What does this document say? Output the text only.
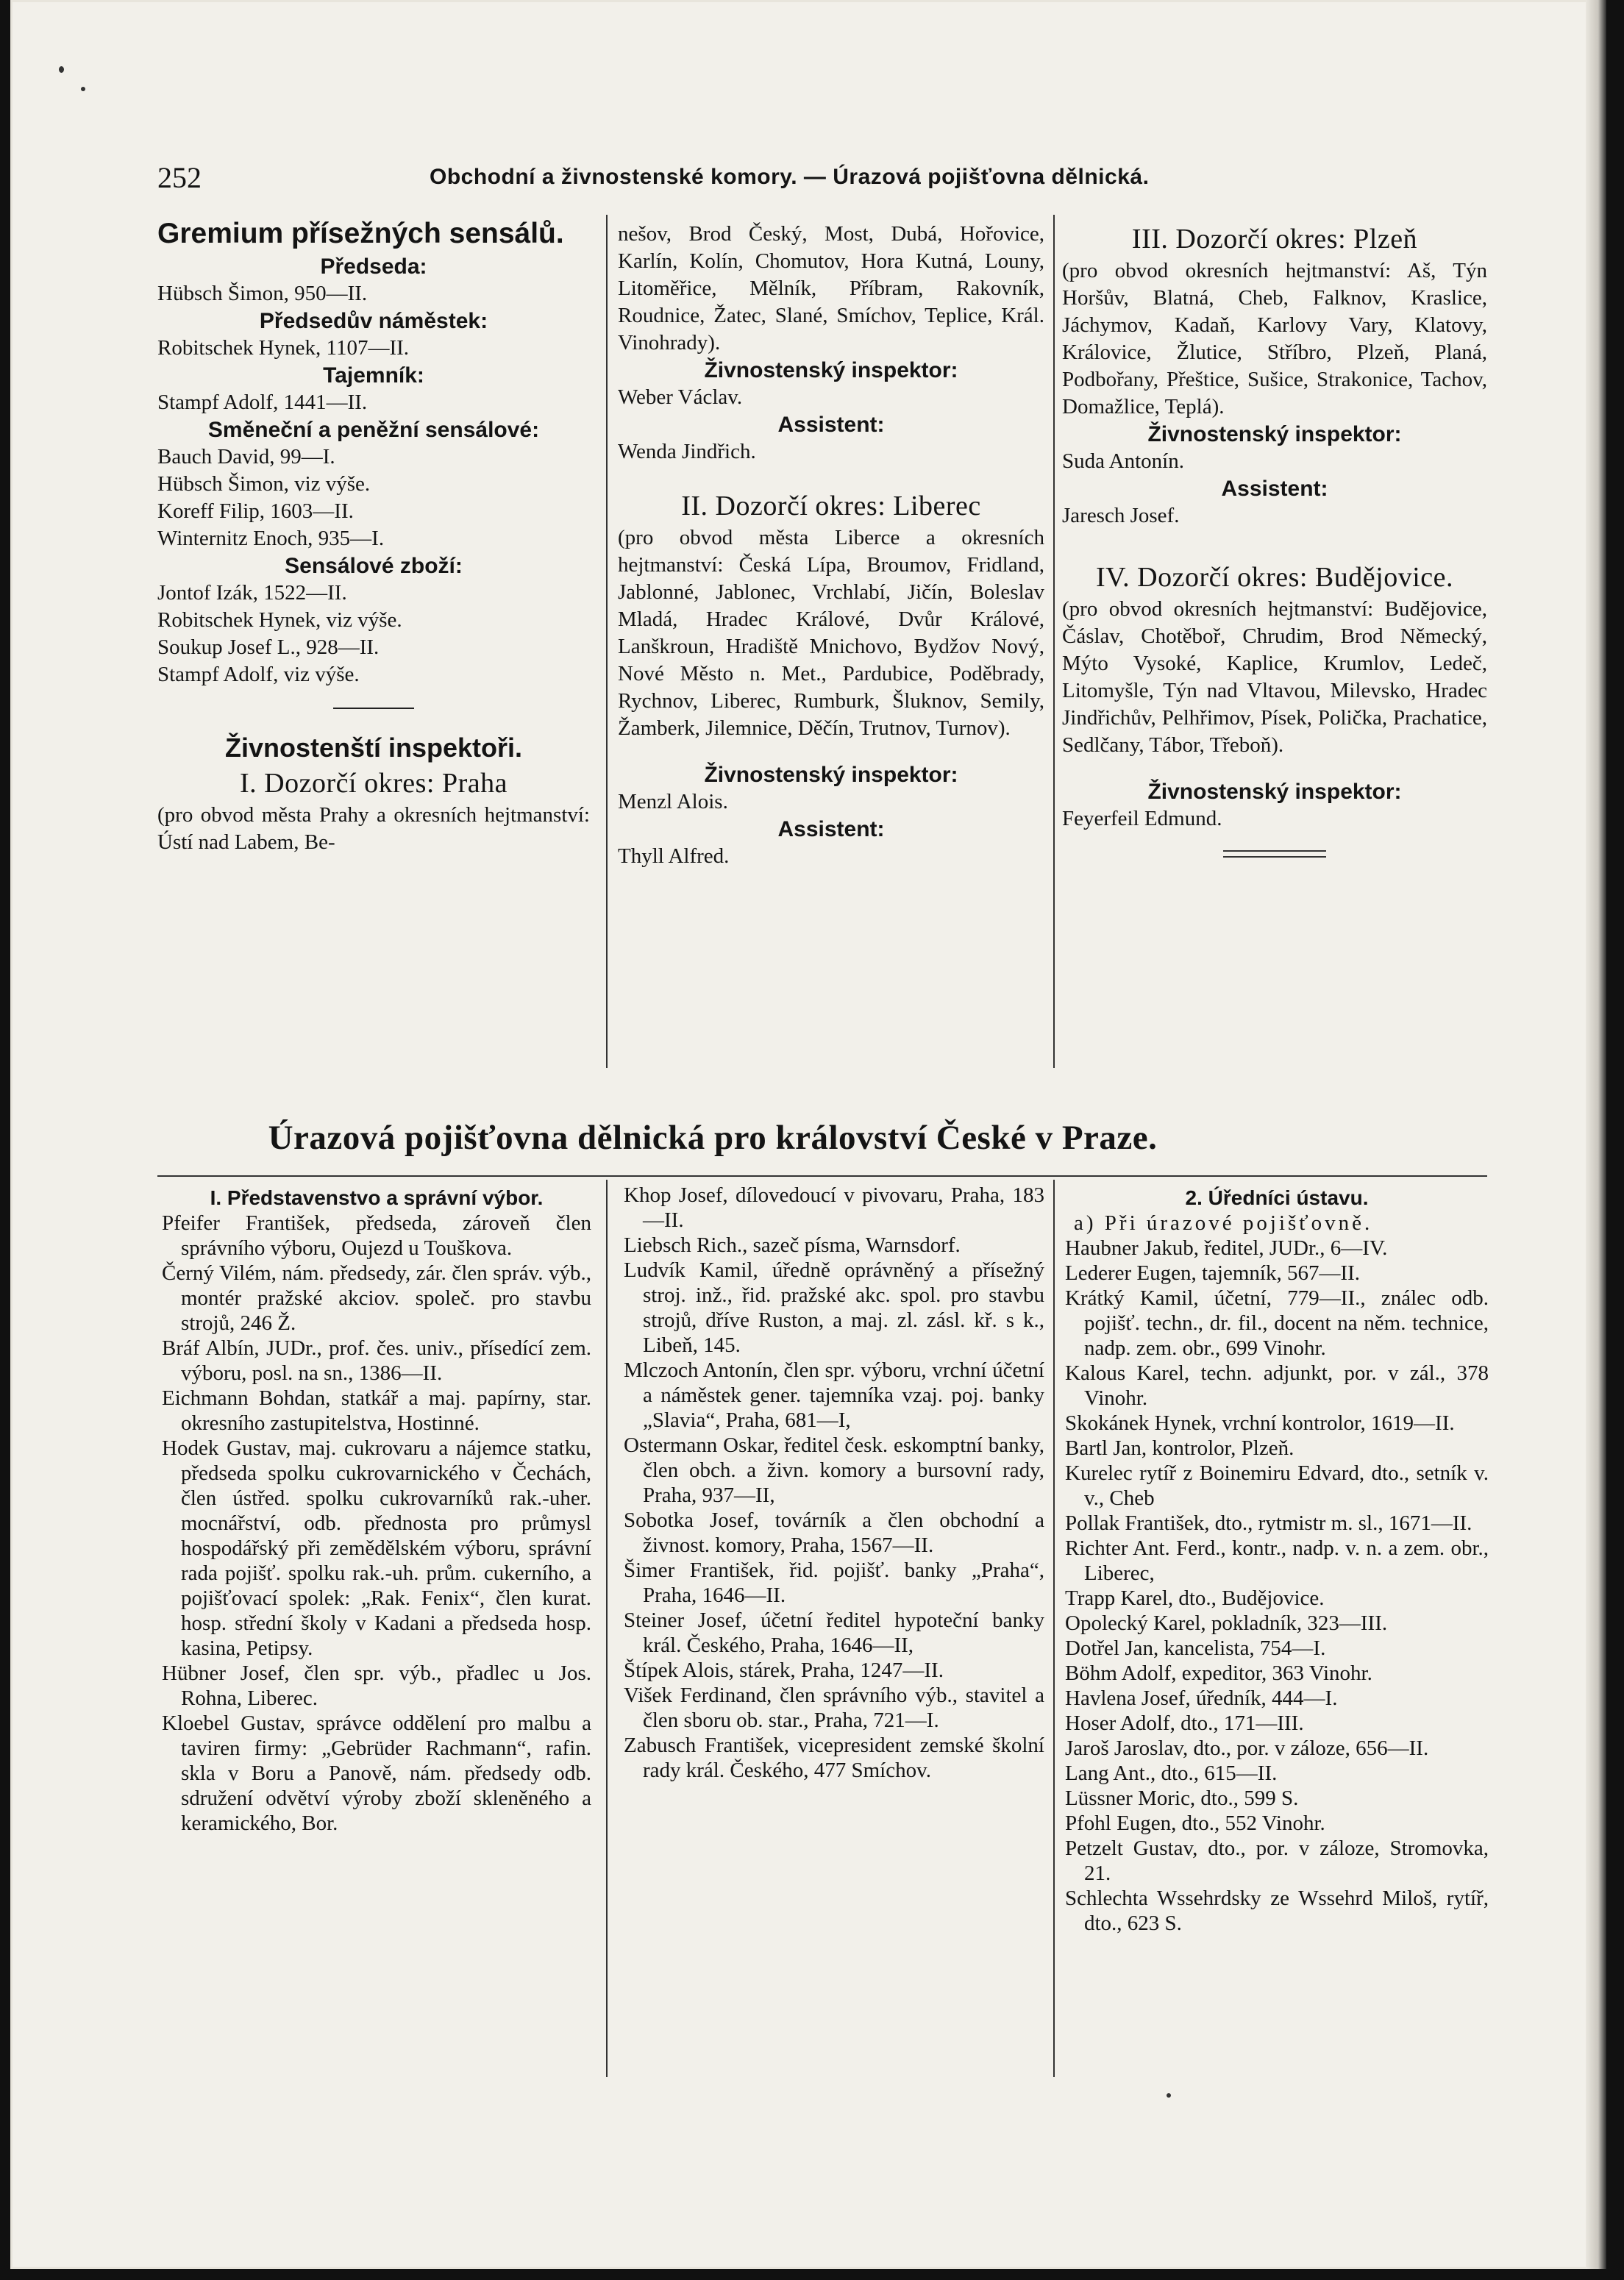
252	Obchodní a živnostenské komory. — Úrazová pojišťovna dělnická.

Gremium přísežných sensálů.

Předseda:

Hübsch Šimon, 950—II.

Předsedův náměstek:

Robitschek Hynek, 1107—II.

Tajemník:

Stampf Adolf, 1441—II.

Směneční a peněžní sensálové:

Bauch David, 99—I.

Hübsch Šimon, viz výše.

Koreff Filip, 1603—II.

Winternitz Enoch, 935—I.

Sensálové zboží:

Jontof Izák, 1522—II.

Robitschek Hynek, viz výše.

Soukup Josef L., 928—II.

Stampf Adolf, viz výše.

Živnostenští inspektoři.

I. Dozorčí okres: Praha

(pro obvod města Prahy a okresních hejtmanství: Ústí nad Labem, Be-

nešov, Brod Český, Most, Dubá, Hořovice, Karlín, Kolín, Chomutov, Hora Kutná, Louny, Litoměřice, Mělník, Příbram, Rakovník, Roudnice, Žatec, Slané, Smíchov, Teplice, Král. Vinohrady).

Živnostenský inspektor:

Weber Václav.

Assistent:

Wenda Jindřich.

II. Dozorčí okres: Liberec

(pro obvod města Liberce a okresních hejtmanství: Česká Lípa, Broumov, Fridland, Jablonné, Jablonec, Vrchlabí, Jičín, Boleslav Mladá, Hradec Králové, Dvůr Králové, Lanškroun, Hradiště Mnichovo, Bydžov Nový, Nové Město n. Met., Pardubice, Poděbrady, Rychnov, Liberec, Rumburk, Šluknov, Semily, Žamberk, Jilemnice, Děčín, Trutnov, Turnov).

Živnostenský inspektor:

Menzl Alois.

Assistent:

Thyll Alfred.

III. Dozorčí okres: Plzeň

(pro obvod okresních hejtmanství: Aš, Týn Horšův, Blatná, Cheb, Falknov, Kraslice, Jáchymov, Kadaň, Karlovy Vary, Klatovy, Královice, Žlutice, Stříbro, Plzeň, Planá, Podbořany, Přeštice, Sušice, Strakonice, Tachov, Domažlice, Teplá).

Živnostenský inspektor:

Suda Antonín.

Assistent:

Jaresch Josef.

IV. Dozorčí okres: Budějovice.

(pro obvod okresních hejtmanství: Budějovice, Čáslav, Chotěboř, Chrudim, Brod Německý, Mýto Vysoké, Kaplice, Krumlov, Ledeč, Litomyšle, Týn nad Vltavou, Milevsko, Hradec Jindřichův, Pelhřimov, Písek, Polička, Prachatice, Sedlčany, Tábor, Třeboň).

Živnostenský inspektor:

Feyerfeil Edmund.

Úrazová pojišťovna dělnická pro království České v Praze.

I. Představenstvo a správní výbor.

Pfeifer František, předseda, zároveň člen správního výboru, Oujezd u Touškova.

Černý Vilém, nám. předsedy, zár. člen správ. výb., montér pražské akciov. společ. pro stavbu strojů, 246 Ž.

Bráf Albín, JUDr., prof. čes. univ., přísedící zem. výboru, posl. na sn., 1386—II.

Eichmann Bohdan, statkář a maj. papírny, star. okresního zastupitelstva, Hostinné.

Hodek Gustav, maj. cukrovaru a nájemce statku, předseda spolku cukrovarnického v Čechách, člen ústřed. spolku cukrovarníků rak.-uher. mocnářství, odb. přednosta pro průmysl hospodářský při zemědělském výboru, správní rada pojišť. spolku rak.-uh. prům. cukerního, a pojišťovací spolek: „Rak. Fenix“, člen kurat. hosp. střední školy v Kadani a předseda hosp. kasina, Petipsy.

Hübner Josef, člen spr. výb., přadlec u Jos. Rohna, Liberec.

Kloebel Gustav, správce oddělení pro malbu a taviren firmy: „Gebrüder Rachmann“, rafin. skla v Boru a Panově, nám. předsedy odb. sdružení odvětví výroby zboží skleněného a keramického, Bor.

Khop Josef, dílovedoucí v pivovaru, Praha, 183—II.

Liebsch Rich., sazeč písma, Warnsdorf.

Ludvík Kamil, úředně oprávněný a přísežný stroj. inž., řid. pražské akc. spol. pro stavbu strojů, dříve Ruston, a maj. zl. zásl. kř. s k., Libeň, 145.

Mlczoch Antonín, člen spr. výboru, vrchní účetní a náměstek gener. tajemníka vzaj. poj. banky „Slavia“, Praha, 681—I,

Ostermann Oskar, ředitel česk. eskomptní banky, člen obch. a živn. komory a bursovní rady, Praha, 937—II,

Sobotka Josef, továrník a člen obchodní a živnost. komory, Praha, 1567—II.

Šimer František, řid. pojišť. banky „Praha“, Praha, 1646—II.

Steiner Josef, účetní ředitel hypoteční banky král. Českého, Praha, 1646—II,

Štípek Alois, stárek, Praha, 1247—II.

Višek Ferdinand, člen správního výb., stavitel a člen sboru ob. star., Praha, 721—I.

Zabusch František, vicepresident zemské školní rady král. Českého, 477 Smíchov.

2. Úředníci ústavu.

a) Při úrazové pojišťovně.

Haubner Jakub, ředitel, JUDr., 6—IV.

Lederer Eugen, tajemník, 567—II.

Krátký Kamil, účetní, 779—II., ználec odb. pojišť. techn., dr. fil., docent na něm. technice, nadp. zem. obr., 699 Vinohr.

Kalous Karel, techn. adjunkt, por. v zál., 378 Vinohr.

Skokánek Hynek, vrchní kontrolor, 1619—II.

Bartl Jan, kontrolor, Plzeň.

Kurelec rytíř z Boinemiru Edvard, dto., setník v. v., Cheb

Pollak František, dto., rytmistr m. sl., 1671—II.

Richter Ant. Ferd., kontr., nadp. v. n. a zem. obr., Liberec,

Trapp Karel, dto., Budějovice.

Opolecký Karel, pokladník, 323—III.

Dotřel Jan, kancelista, 754—I.

Böhm Adolf, expeditor, 363 Vinohr.

Havlena Josef, úředník, 444—I.

Hoser Adolf, dto., 171—III.

Jaroš Jaroslav, dto., por. v záloze, 656—II.

Lang Ant., dto., 615—II.

Lüssner Moric, dto., 599 S.

Pfohl Eugen, dto., 552 Vinohr.

Petzelt Gustav, dto., por. v záloze, Stromovka, 21.

Schlechta Wssehrdsky ze Wssehrd Miloš, rytíř, dto., 623 S.
